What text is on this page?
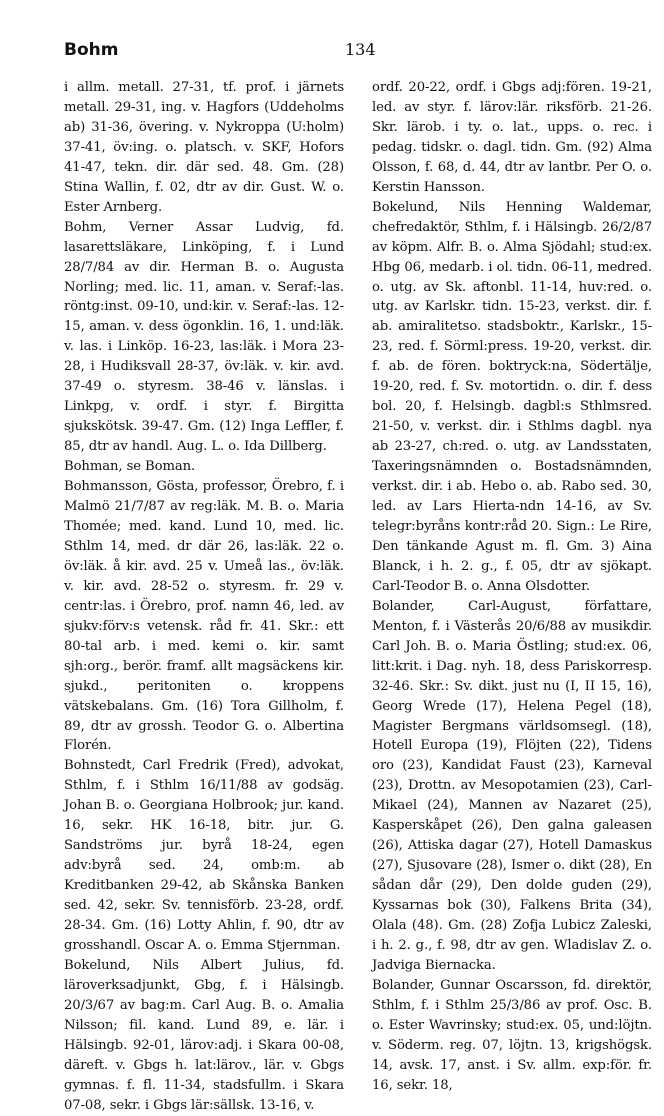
Bohm	134

i allm. metall. 27-31, tf. prof. i järnets metall. 29-31, ing. v. Hagfors (Uddeholms ab) 31-36, övering. v. Nykroppa (U:holm) 37-41, öv:ing. o. platsch. v. SKF, Hofors 41-47, tekn. dir. där sed. 48. Gm. (28) Stina Wallin, f. 02, dtr av dir. Gust. W. o. Ester Arnberg.

Bohm, Verner Assar Ludvig, fd. lasarettsläkare, Linköping, f. i Lund 28/7/84 av dir. Herman B. o. Augusta Norling; med. lic. 11, aman. v. Seraf:-las. röntg:inst. 09-10, und:kir. v. Seraf:-las. 12-15, aman. v. dess ögonklin. 16, 1. und:läk. v. las. i Linköp. 16-23, las:läk. i Mora 23-28, i Hudiksvall 28-37, öv:läk. v. kir. avd. 37-49 o. styresm. 38-46 v. länslas. i Linkpg, v. ordf. i styr. f. Birgitta sjukskötsk. 39-47. Gm. (12) Inga Leffler, f. 85, dtr av handl. Aug. L. o. Ida Dillberg.

Bohman, se Boman.

Bohmansson, Gösta, professor, Örebro, f. i Malmö 21/7/87 av reg:läk. M. B. o. Maria Thomée; med. kand. Lund 10, med. lic. Sthlm 14, med. dr där 26, las:läk. 22 o. öv:läk. å kir. avd. 25 v. Umeå las., öv:läk. v. kir. avd. 28-52 o. styresm. fr. 29 v. centr:las. i Örebro, prof. namn 46, led. av sjukv:förv:s vetensk. råd fr. 41. Skr.: ett 80-tal arb. i med. kemi o. kir. samt sjh:org., berör. framf. allt magsäckens kir. sjukd., peritoniten o. kroppens vätskebalans. Gm. (16) Tora Gillholm, f. 89, dtr av grossh. Teodor G. o. Albertina Florén.

Bohnstedt, Carl Fredrik (Fred), advokat, Sthlm, f. i Sthlm 16/11/88 av godsäg. Johan B. o. Georgiana Holbrook; jur. kand. 16, sekr. HK 16-18, bitr. jur. G. Sandströms jur. byrå 18-24, egen adv:byrå sed. 24, omb:m. ab Kreditbanken 29-42, ab Skånska Banken sed. 42, sekr. Sv. tennisförb. 23-28, ordf. 28-34. Gm. (16) Lotty Ahlin, f. 90, dtr av grosshandl. Oscar A. o. Emma Stjernman.

Bokelund, Nils Albert Julius, fd. läroverksadjunkt, Gbg, f. i Hälsingb. 20/3/67 av bag:m. Carl Aug. B. o. Amalia Nilsson; fil. kand. Lund 89, e. lär. i Hälsingb. 92-01, lärov:adj. i Skara 00-08, däreft. v. Gbgs h. lat:lärov., lär. v. Gbgs gymnas. f. fl. 11-34, stadsfullm. i Skara 07-08, sekr. i Gbgs lär:sällsk. 13-16, v.

ordf. 20-22, ordf. i Gbgs adj:fören. 19-21, led. av styr. f. lärov:lär. riksförb. 21-26. Skr. lärob. i ty. o. lat., upps. o. rec. i pedag. tidskr. o. dagl. tidn. Gm. (92) Alma Olsson, f. 68, d. 44, dtr av lantbr. Per O. o. Kerstin Hansson.

Bokelund, Nils Henning Waldemar, chefredaktör, Sthlm, f. i Hälsingb. 26/2/87 av köpm. Alfr. B. o. Alma Sjödahl; stud:ex. Hbg 06, medarb. i ol. tidn. 06-11, medred. o. utg. av Sk. aftonbl. 11-14, huv:red. o. utg. av Karlskr. tidn. 15-23, verkst. dir. f. ab. amiralitetsο. stadsboktr., Karlskr., 15-23, red. f. Sörml:press. 19-20, verkst. dir. f. ab. de fören. boktryck:na, Södertälje, 19-20, red. f. Sv. motortidn. o. dir. f. dess bol. 20, f. Helsingb. dagbl:s Sthlmsred. 21-50, v. verkst. dir. i Sthlms dagbl. nya ab 23-27, ch:red. o. utg. av Landsstaten, Taxeringsnämnden o. Bostadsnämnden, verkst. dir. i ab. Hebo o. ab. Rabo sed. 30, led. av Lars Hierta-ndn 14-16, av Sv. telegr:byråns kontr:råd 20. Sign.: Le Rire, Den tänkande Agust m. fl. Gm. 3) Aina Blanck, i h. 2. g., f. 05, dtr av sjökapt. Carl-Teodor B. o. Anna Olsdotter.

Bolander, Carl-August, författare, Menton, f. i Västerås 20/6/88 av musikdir. Carl Joh. B. o. Maria Östling; stud:ex. 06, litt:krit. i Dag. nyh. 18, dess Pariskorresp. 32-46. Skr.: Sv. dikt. just nu (I, II 15, 16), Georg Wrede (17), Helena Pegel (18), Magister Bergmans världsomsegl. (18), Hotell Europa (19), Flöjten (22), Tidens oro (23), Kandidat Faust (23), Karneval (23), Drottn. av Mesopotamien (23), Carl-Mikael (24), Mannen av Nazaret (25), Kasperskåpet (26), Den galna galeasen (26), Attiska dagar (27), Hotell Damaskus (27), Sjusovare (28), Ismer o. dikt (28), En sådan dår (29), Den dolde guden (29), Kyssarnas bok (30), Falkens Brita (34), Olala (48). Gm. (28) Zofja Lubicz Zaleski, i h. 2. g., f. 98, dtr av gen. Wladislav Z. o. Jadviga Biernacka.

Bolander, Gunnar Oscarsson, fd. direktör, Sthlm, f. i Sthlm 25/3/86 av prof. Osc. B. o. Ester Wavrinsky; stud:ex. 05, und:löjtn. v. Söderm. reg. 07, löjtn. 13, krigshögsk. 14, avsk. 17, anst. i Sv. allm. exp:för. fr. 16, sekr. 18,
